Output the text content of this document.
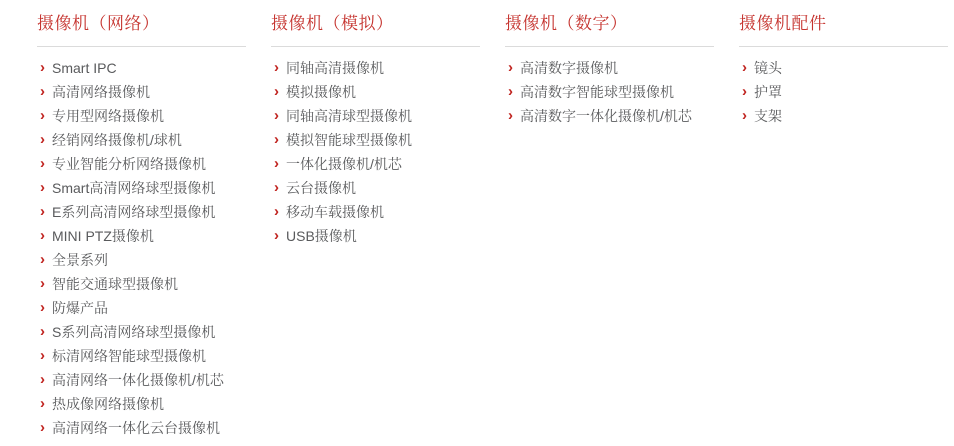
摄像机（网络）
› Smart IPC
› 高清网络摄像机
› 专用型网络摄像机
› 经销网络摄像机/球机
› 专业智能分析网络摄像机
› Smart高清网络球型摄像机
› E系列高清网络球型摄像机
› MINI PTZ摄像机
› 全景系列
› 智能交通球型摄像机
› 防爆产品
› S系列高清网络球型摄像机
› 标清网络智能球型摄像机
› 高清网络一体化摄像机/机芯
› 热成像网络摄像机
› 高清网络一体化云台摄像机
摄像机（模拟）
› 同轴高清摄像机
› 模拟摄像机
› 同轴高清球型摄像机
› 模拟智能球型摄像机
› 一体化摄像机/机芯
› 云台摄像机
› 移动车载摄像机
› USB摄像机
摄像机（数字）
› 高清数字摄像机
› 高清数字智能球型摄像机
› 高清数字一体化摄像机/机芯
摄像机配件
› 镜头
› 护罩
› 支架
